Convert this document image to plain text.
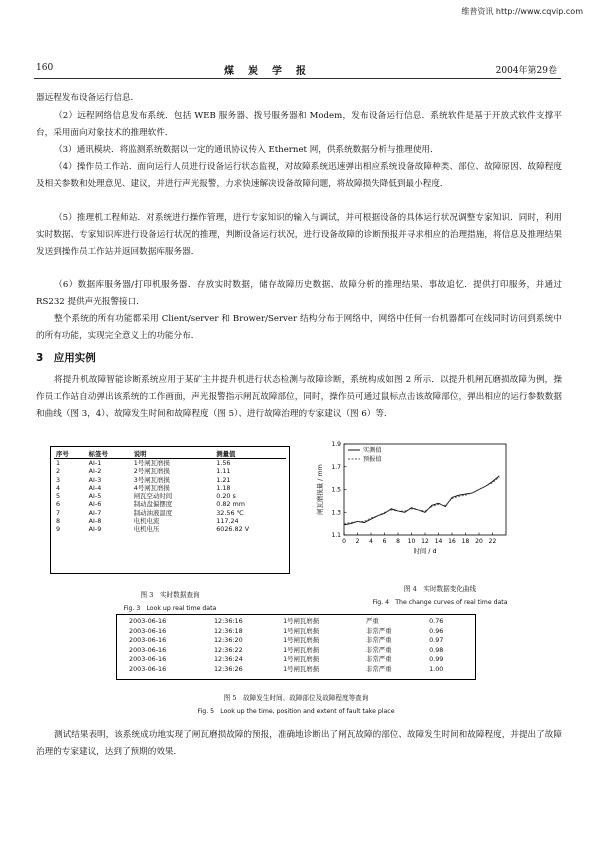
维普资讯 http://www.cqvip.com
160	煤炭学报	2004年第29卷
器远程发布设备运行信息.
（2）远程网络信息发布系统．包括 WEB 服务器、拨号服务器和 Modem，发布设备运行信息．系统软件是基于开放式软件支撑平台，采用面向对象技术的推理软件．
（3）通讯模块．将监测系统数据以一定的通讯协议传入 Ethernet 网，供系统数据分析与推理使用．
（4）操作员工作站．面向运行人员进行设备运行状态监视，对故障系统迅速弹出相应系统设备故障种类、部位、故障原因、故障程度及相关参数和处理意见、建议，并进行声光报警，力求快速解决设备故障问题，将故障损失降低到最小程度．
（5）推理机工程师站．对系统进行操作管理，进行专家知识的输入与调试，并可根据设备的具体运行状况调整专家知识．同时，利用实时数据、专家知识库进行设备运行状况的推理，判断设备运行状况，进行设备故障的诊断预报并寻求相应的治理措施，将信息及推理结果发送到操作员工作站并返回数据库服务器．
（6）数据库服务器/打印机服务器．存放实时数据，储存故障历史数据、故障分析的推理结果、事故追忆．提供打印服务，并通过 RS232 提供声光报警接口．
整个系统的所有功能都采用 Client/server 和 Brower/Server 结构分布于网络中，网络中任何一台机器都可在线同时访问到系统中的所有功能，实现完全意义上的功能分布．
3　应用实例
将提升机故障智能诊断系统应用于某矿主井提升机进行状态检测与故障诊断，系统构成如图 2 所示．以提升机闸瓦磨损故障为例，操作员工作站自动弹出该系统的工作画面，声光报警指示闸瓦故障部位，同时，操作员可通过鼠标点击该故障部位，弹出相应的运行参数数据和曲线（图 3，4）、故障发生时间和故障程度（图 5）、进行故障治理的专家建议（图 6）等．
序号	标签号	说明	测量值
1	AI-1	1号闸瓦磨损	1.56
2	AI-2	2号闸瓦磨损	1.11
3	AI-3	3号闸瓦磨损	1.21
4	AI-4	4号闸瓦磨损	1.18
5	AI-5	闸瓦空动时间	0.20 s
6	AI-6	制动盘偏摆度	0.82 mm
7	AI-7	制动油液温度	32.56 ℃
8	AI-8	电机电流	117.24
9	AI-9	电机电压	6026.82 V
图 3　实时数据查询
Fig. 3　Look up real time data
0 2 4 6 8 10 12 14 16 18 20 22
1.1
1.3
1.5
1.7
1.9
时间 / d
闸瓦磨损量 / mm
实测值
预报值
图 4　实时数据变化曲线
Fig. 4　The change curves of real time data
2003-06-16	12:36:16	1号闸瓦磨损	严重	0.76
2003-06-16	12:36:18	1号闸瓦磨损	非常严重	0.96
2003-06-16	12:36:20	1号闸瓦磨损	非常严重	0.97
2003-06-16	12:36:22	1号闸瓦磨损	非常严重	0.98
2003-06-16	12:36:24	1号闸瓦磨损	非常严重	0.99
2003-06-16	12:36:26	1号闸瓦磨损	非常严重	1.00
图 5　故障发生时间、故障部位及故障程度等查询
Fig. 5　Look up the time, position and extent of fault take place
测试结果表明，该系统成功地实现了闸瓦磨损故障的预报，准确地诊断出了闸瓦故障的部位、故障发生时间和故障程度，并提出了故障治理的专家建议，达到了预期的效果．
